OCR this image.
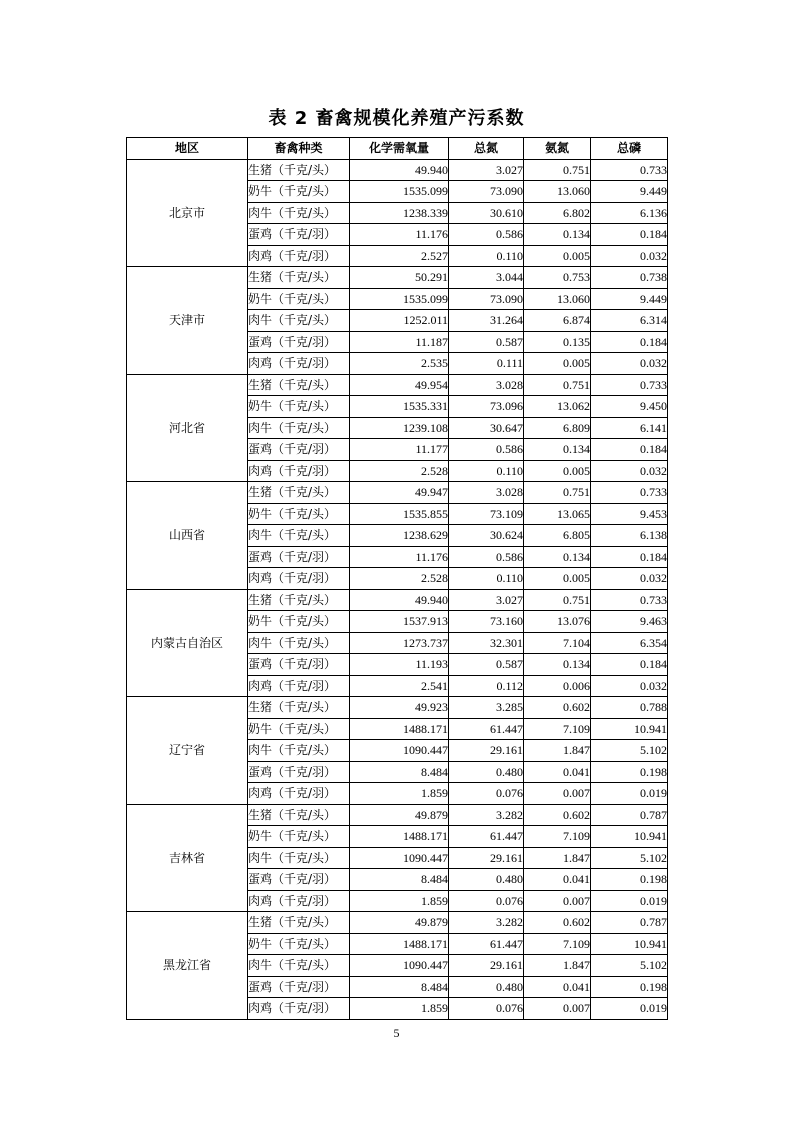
表 2 畜禽规模化养殖产污系数
地区	畜禽种类	化学需氧量	总氮	氨氮	总磷
北京市	生猪（千克/头）	49.940	3.027	0.751	0.733
	奶牛（千克/头）	1535.099	73.090	13.060	9.449
	肉牛（千克/头）	1238.339	30.610	6.802	6.136
	蛋鸡（千克/羽）	11.176	0.586	0.134	0.184
	肉鸡（千克/羽）	2.527	0.110	0.005	0.032
天津市	生猪（千克/头）	50.291	3.044	0.753	0.738
	奶牛（千克/头）	1535.099	73.090	13.060	9.449
	肉牛（千克/头）	1252.011	31.264	6.874	6.314
	蛋鸡（千克/羽）	11.187	0.587	0.135	0.184
	肉鸡（千克/羽）	2.535	0.111	0.005	0.032
河北省	生猪（千克/头）	49.954	3.028	0.751	0.733
	奶牛（千克/头）	1535.331	73.096	13.062	9.450
	肉牛（千克/头）	1239.108	30.647	6.809	6.141
	蛋鸡（千克/羽）	11.177	0.586	0.134	0.184
	肉鸡（千克/羽）	2.528	0.110	0.005	0.032
山西省	生猪（千克/头）	49.947	3.028	0.751	0.733
	奶牛（千克/头）	1535.855	73.109	13.065	9.453
	肉牛（千克/头）	1238.629	30.624	6.805	6.138
	蛋鸡（千克/羽）	11.176	0.586	0.134	0.184
	肉鸡（千克/羽）	2.528	0.110	0.005	0.032
内蒙古自治区	生猪（千克/头）	49.940	3.027	0.751	0.733
	奶牛（千克/头）	1537.913	73.160	13.076	9.463
	肉牛（千克/头）	1273.737	32.301	7.104	6.354
	蛋鸡（千克/羽）	11.193	0.587	0.134	0.184
	肉鸡（千克/羽）	2.541	0.112	0.006	0.032
辽宁省	生猪（千克/头）	49.923	3.285	0.602	0.788
	奶牛（千克/头）	1488.171	61.447	7.109	10.941
	肉牛（千克/头）	1090.447	29.161	1.847	5.102
	蛋鸡（千克/羽）	8.484	0.480	0.041	0.198
	肉鸡（千克/羽）	1.859	0.076	0.007	0.019
吉林省	生猪（千克/头）	49.879	3.282	0.602	0.787
	奶牛（千克/头）	1488.171	61.447	7.109	10.941
	肉牛（千克/头）	1090.447	29.161	1.847	5.102
	蛋鸡（千克/羽）	8.484	0.480	0.041	0.198
	肉鸡（千克/羽）	1.859	0.076	0.007	0.019
黑龙江省	生猪（千克/头）	49.879	3.282	0.602	0.787
	奶牛（千克/头）	1488.171	61.447	7.109	10.941
	肉牛（千克/头）	1090.447	29.161	1.847	5.102
	蛋鸡（千克/羽）	8.484	0.480	0.041	0.198
	肉鸡（千克/羽）	1.859	0.076	0.007	0.019
5
